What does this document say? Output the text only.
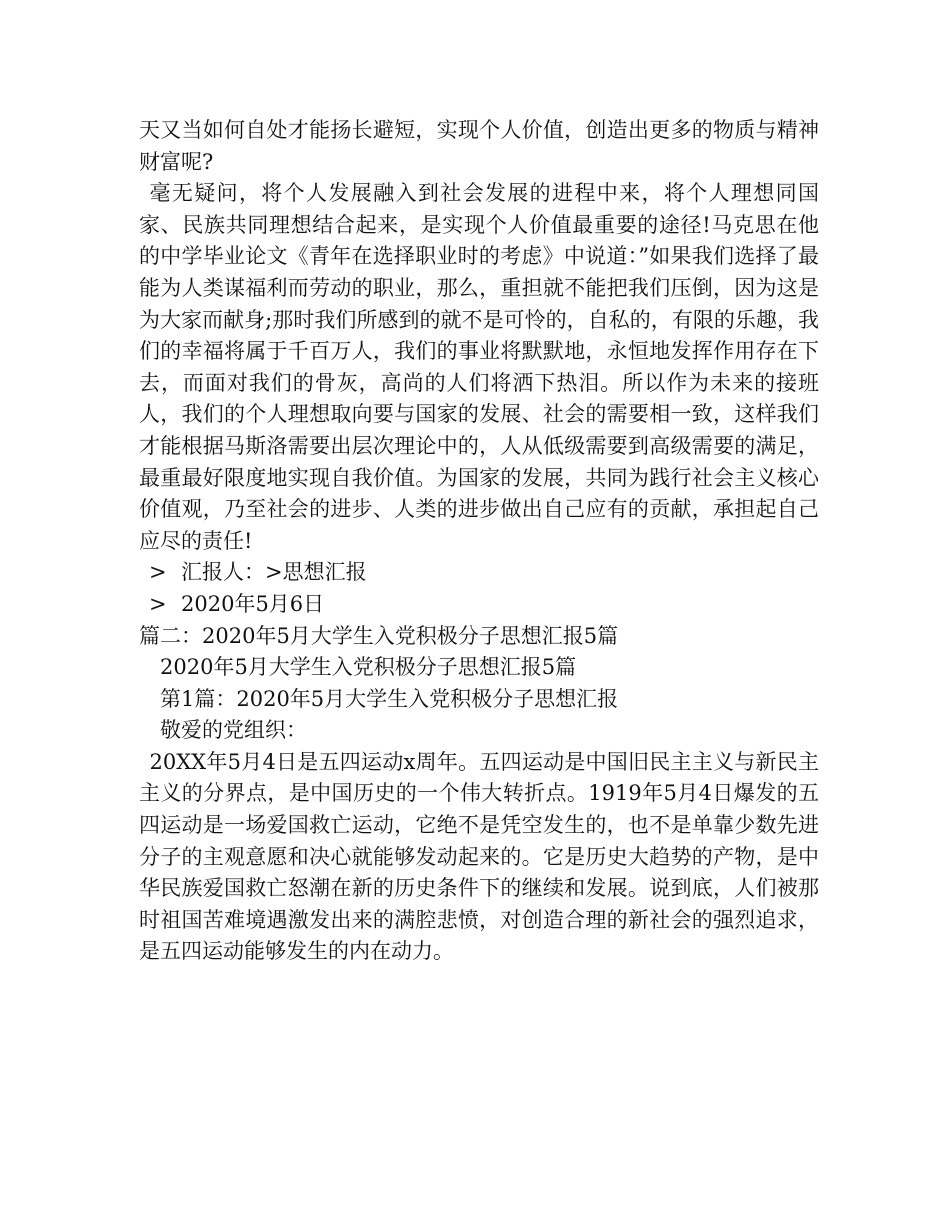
天又当如何自处才能扬长避短，实现个人价值，创造出更多的物质与精神财富呢?

毫无疑问，将个人发展融入到社会发展的进程中来，将个人理想同国家、民族共同理想结合起来，是实现个人价值最重要的途径!马克思在他的中学毕业论文《青年在选择职业时的考虑》中说道：”如果我们选择了最能为人类谋福利而劳动的职业，那么，重担就不能把我们压倒，因为这是为大家而献身;那时我们所感到的就不是可怜的，自私的，有限的乐趣，我们的幸福将属于千百万人，我们的事业将默默地，永恒地发挥作用存在下去，而面对我们的骨灰，高尚的人们将洒下热泪。所以作为未来的接班人，我们的个人理想取向要与国家的发展、社会的需要相一致，这样我们才能根据马斯洛需要出层次理论中的，人从低级需要到高级需要的满足，最重最好限度地实现自我价值。为国家的发展，共同为践行社会主义核心价值观，乃至社会的进步、人类的进步做出自己应有的贡献，承担起自己应尽的责任!

> 汇报人：>思想汇报
> 2020年5月6日

篇二：2020年5月大学生入党积极分子思想汇报5篇

2020年5月大学生入党积极分子思想汇报5篇

第1篇：2020年5月大学生入党积极分子思想汇报

敬爱的党组织：

20XX年5月4日是五四运动x周年。五四运动是中国旧民主主义与新民主主义的分界点，是中国历史的一个伟大转折点。1919年5月4日爆发的五四运动是一场爱国救亡运动，它绝不是凭空发生的，也不是单靠少数先进分子的主观意愿和决心就能够发动起来的。它是历史大趋势的产物，是中华民族爱国救亡怒潮在新的历史条件下的继续和发展。说到底，人们被那时祖国苦难境遇激发出来的满腔悲愤，对创造合理的新社会的强烈追求，是五四运动能够发生的内在动力。
